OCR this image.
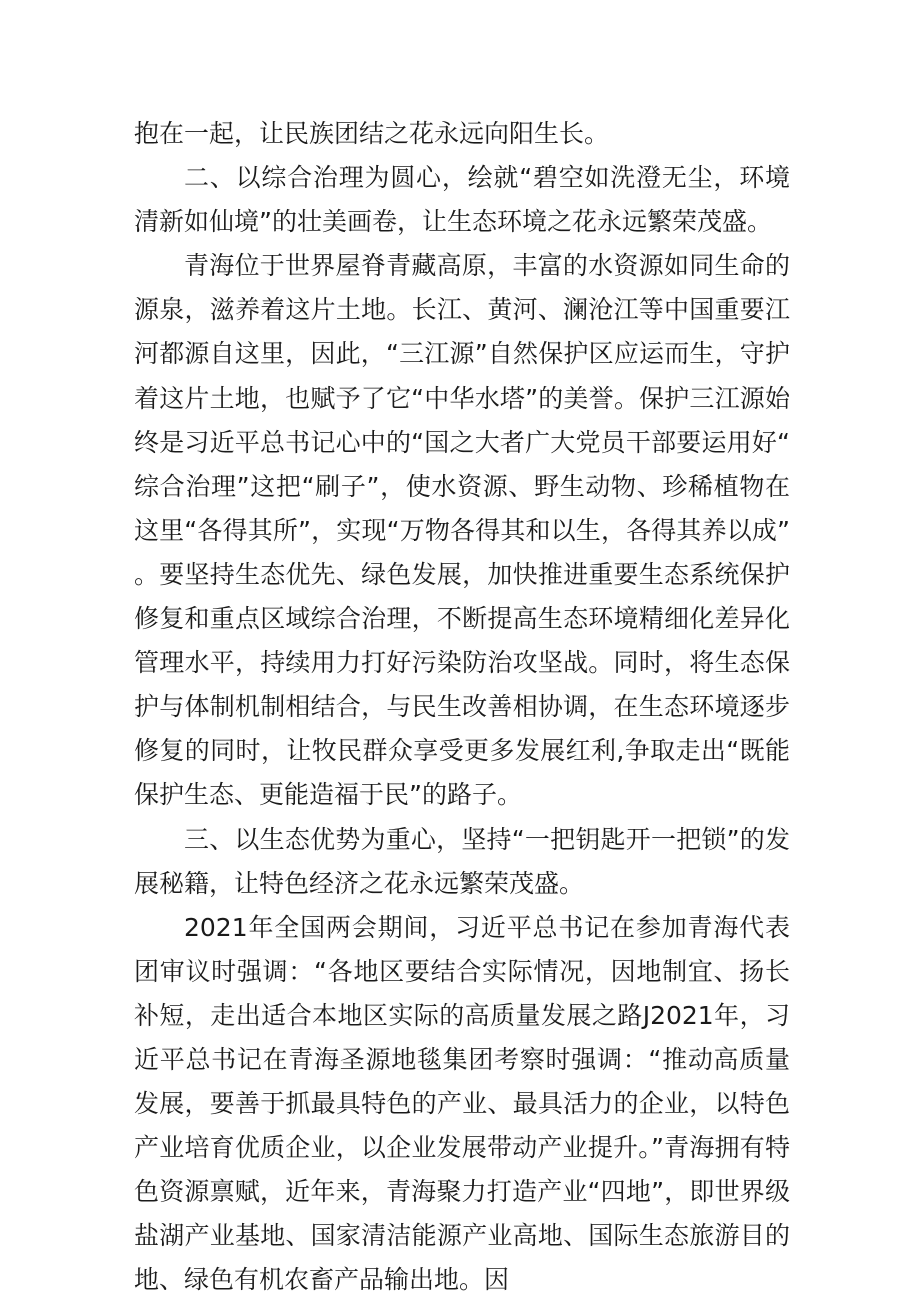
抱在一起，让民族团结之花永远向阳生长。

二、以综合治理为圆心，绘就“碧空如洗澄无尘，环境清新如仙境”的壮美画卷，让生态环境之花永远繁荣茂盛。

青海位于世界屋脊青藏高原，丰富的水资源如同生命的源泉，滋养着这片土地。长江、黄河、澜沧江等中国重要江河都源自这里，因此，“三江源”自然保护区应运而生，守护着这片土地，也赋予了它“中华水塔”的美誉。保护三江源始终是习近平总书记心中的“国之大者广大党员干部要运用好“综合治理”这把“刷子”，使水资源、野生动物、珍稀植物在这里“各得其所”，实现“万物各得其和以生，各得其养以成”。要坚持生态优先、绿色发展，加快推进重要生态系统保护修复和重点区域综合治理，不断提高生态环境精细化差异化管理水平，持续用力打好污染防治攻坚战。同时，将生态保护与体制机制相结合，与民生改善相协调，在生态环境逐步修复的同时，让牧民群众享受更多发展红利,争取走出“既能保护生态、更能造福于民”的路子。

三、以生态优势为重心，坚持“一把钥匙开一把锁”的发展秘籍，让特色经济之花永远繁荣茂盛。

2021年全国两会期间，习近平总书记在参加青海代表团审议时强调：“各地区要结合实际情况，因地制宜、扬长补短，走出适合本地区实际的高质量发展之路J2021年，习近平总书记在青海圣源地毯集团考察时强调：“推动高质量发展，要善于抓最具特色的产业、最具活力的企业，以特色产业培育优质企业，以企业发展带动产业提升。”青海拥有特色资源禀赋，近年来，青海聚力打造产业“四地”，即世界级盐湖产业基地、国家清洁能源产业高地、国际生态旅游目的地、绿色有机农畜产品输出地。因
